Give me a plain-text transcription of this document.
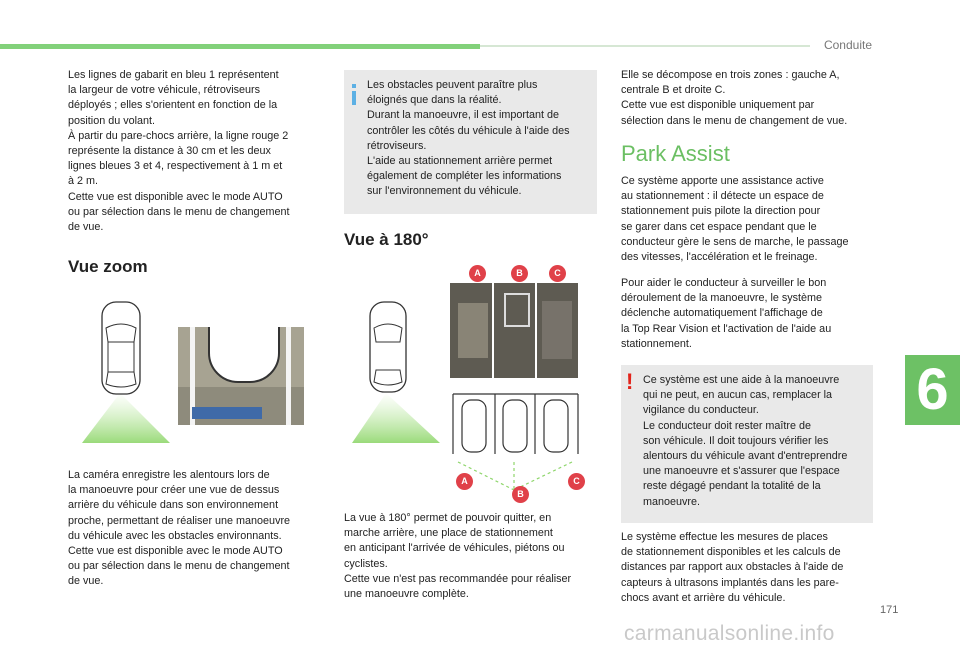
Conduite
6
171
carmanualsonline.info
Les lignes de gabarit en bleu 1 représentent
la largeur de votre véhicule, rétroviseurs
déployés ; elles s'orientent en fonction de la
position du volant.
À partir du pare-chocs arrière, la ligne rouge 2
représente la distance à 30 cm et les deux
lignes bleues 3 et 4, respectivement à 1 m et
à 2 m.
Cette vue est disponible avec le mode AUTO
ou par sélection dans le menu de changement
de vue.
Vue zoom
La caméra enregistre les alentours lors de
la manoeuvre pour créer une vue de dessus
arrière du véhicule dans son environnement
proche, permettant de réaliser une manoeuvre
du véhicule avec les obstacles environnants.
Cette vue est disponible avec le mode AUTO
ou par sélection dans le menu de changement
de vue.
Les obstacles peuvent paraître plus
éloignés que dans la réalité.
Durant la manoeuvre, il est important de
contrôler les côtés du véhicule à l'aide des
rétroviseurs.
L'aide au stationnement arrière permet
également de compléter les informations
sur l'environnement du véhicule.
Vue à 180°
A	B	C
A
B
C
La vue à 180° permet de pouvoir quitter, en
marche arrière, une place de stationnement
en anticipant l'arrivée de véhicules, piétons ou
cyclistes.
Cette vue n'est pas recommandée pour réaliser
une manoeuvre complète.
Elle se décompose en trois zones : gauche A,
centrale B et droite C.
Cette vue est disponible uniquement par
sélection dans le menu de changement de vue.
Park Assist
Ce système apporte une assistance active
au stationnement : il détecte un espace de
stationnement puis pilote la direction pour
se garer dans cet espace pendant que le
conducteur gère le sens de marche, le passage
des vitesses, l'accélération et le freinage.
Pour aider le conducteur à surveiller le bon
déroulement de la manoeuvre, le système
déclenche automatiquement l'affichage de
la Top Rear Vision et l'activation de l'aide au
stationnement.
! Ce système est une aide à la manoeuvre
qui ne peut, en aucun cas, remplacer la
vigilance du conducteur.
Le conducteur doit rester maître de
son véhicule. Il doit toujours vérifier les
alentours du véhicule avant d'entreprendre
une manoeuvre et s'assurer que l'espace
reste dégagé pendant la totalité de la
manoeuvre.
Le système effectue les mesures de places
de stationnement disponibles et les calculs de
distances par rapport aux obstacles à l'aide de
capteurs à ultrasons implantés dans les pare-
chocs avant et arrière du véhicule.
